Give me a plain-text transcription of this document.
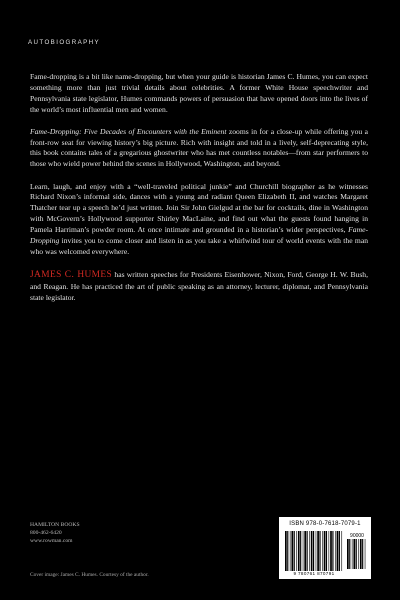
AUTOBIOGRAPHY

Fame-dropping is a bit like name-dropping, but when your guide is historian James C. Humes, you can expect something more than just trivial details about celebrities. A former White House speechwriter and Pennsylvania state legislator, Humes commands powers of persuasion that have opened doors into the lives of the world’s most influential men and women.

Fame-Dropping: Five Decades of Encounters with the Eminent zooms in for a close-up while offering you a front-row seat for viewing history’s big picture. Rich with insight and told in a lively, self-deprecating style, this book contains tales of a gregarious ghostwriter who has met countless notables—from star performers to those who wield power behind the scenes in Hollywood, Washington, and beyond.

Learn, laugh, and enjoy with a “well-traveled political junkie” and Churchill biographer as he witnesses Richard Nixon’s informal side, dances with a young and radiant Queen Elizabeth II, and watches Margaret Thatcher tear up a speech he’d just written. Join Sir John Gielgud at the bar for cocktails, dine in Washington with McGovern’s Hollywood supporter Shirley MacLaine, and find out what the guests found hanging in Pamela Harriman’s powder room. At once intimate and grounded in a historian’s wider perspectives, Fame-Dropping invites you to come closer and listen in as you take a whirlwind tour of world events with the man who was welcomed everywhere.

JAMES C. HUMES has written speeches for Presidents Eisenhower, Nixon, Ford, George H. W. Bush, and Reagan. He has practiced the art of public speaking as an attorney, lecturer, diplomat, and Pennsylvania state legislator.

HAMILTON BOOKS
800-462-6420
www.rowman.com
Cover image: James C. Humes. Courtesy of the author.
ISBN 978-0-7618-7079-1
90000
9 780761 870791
